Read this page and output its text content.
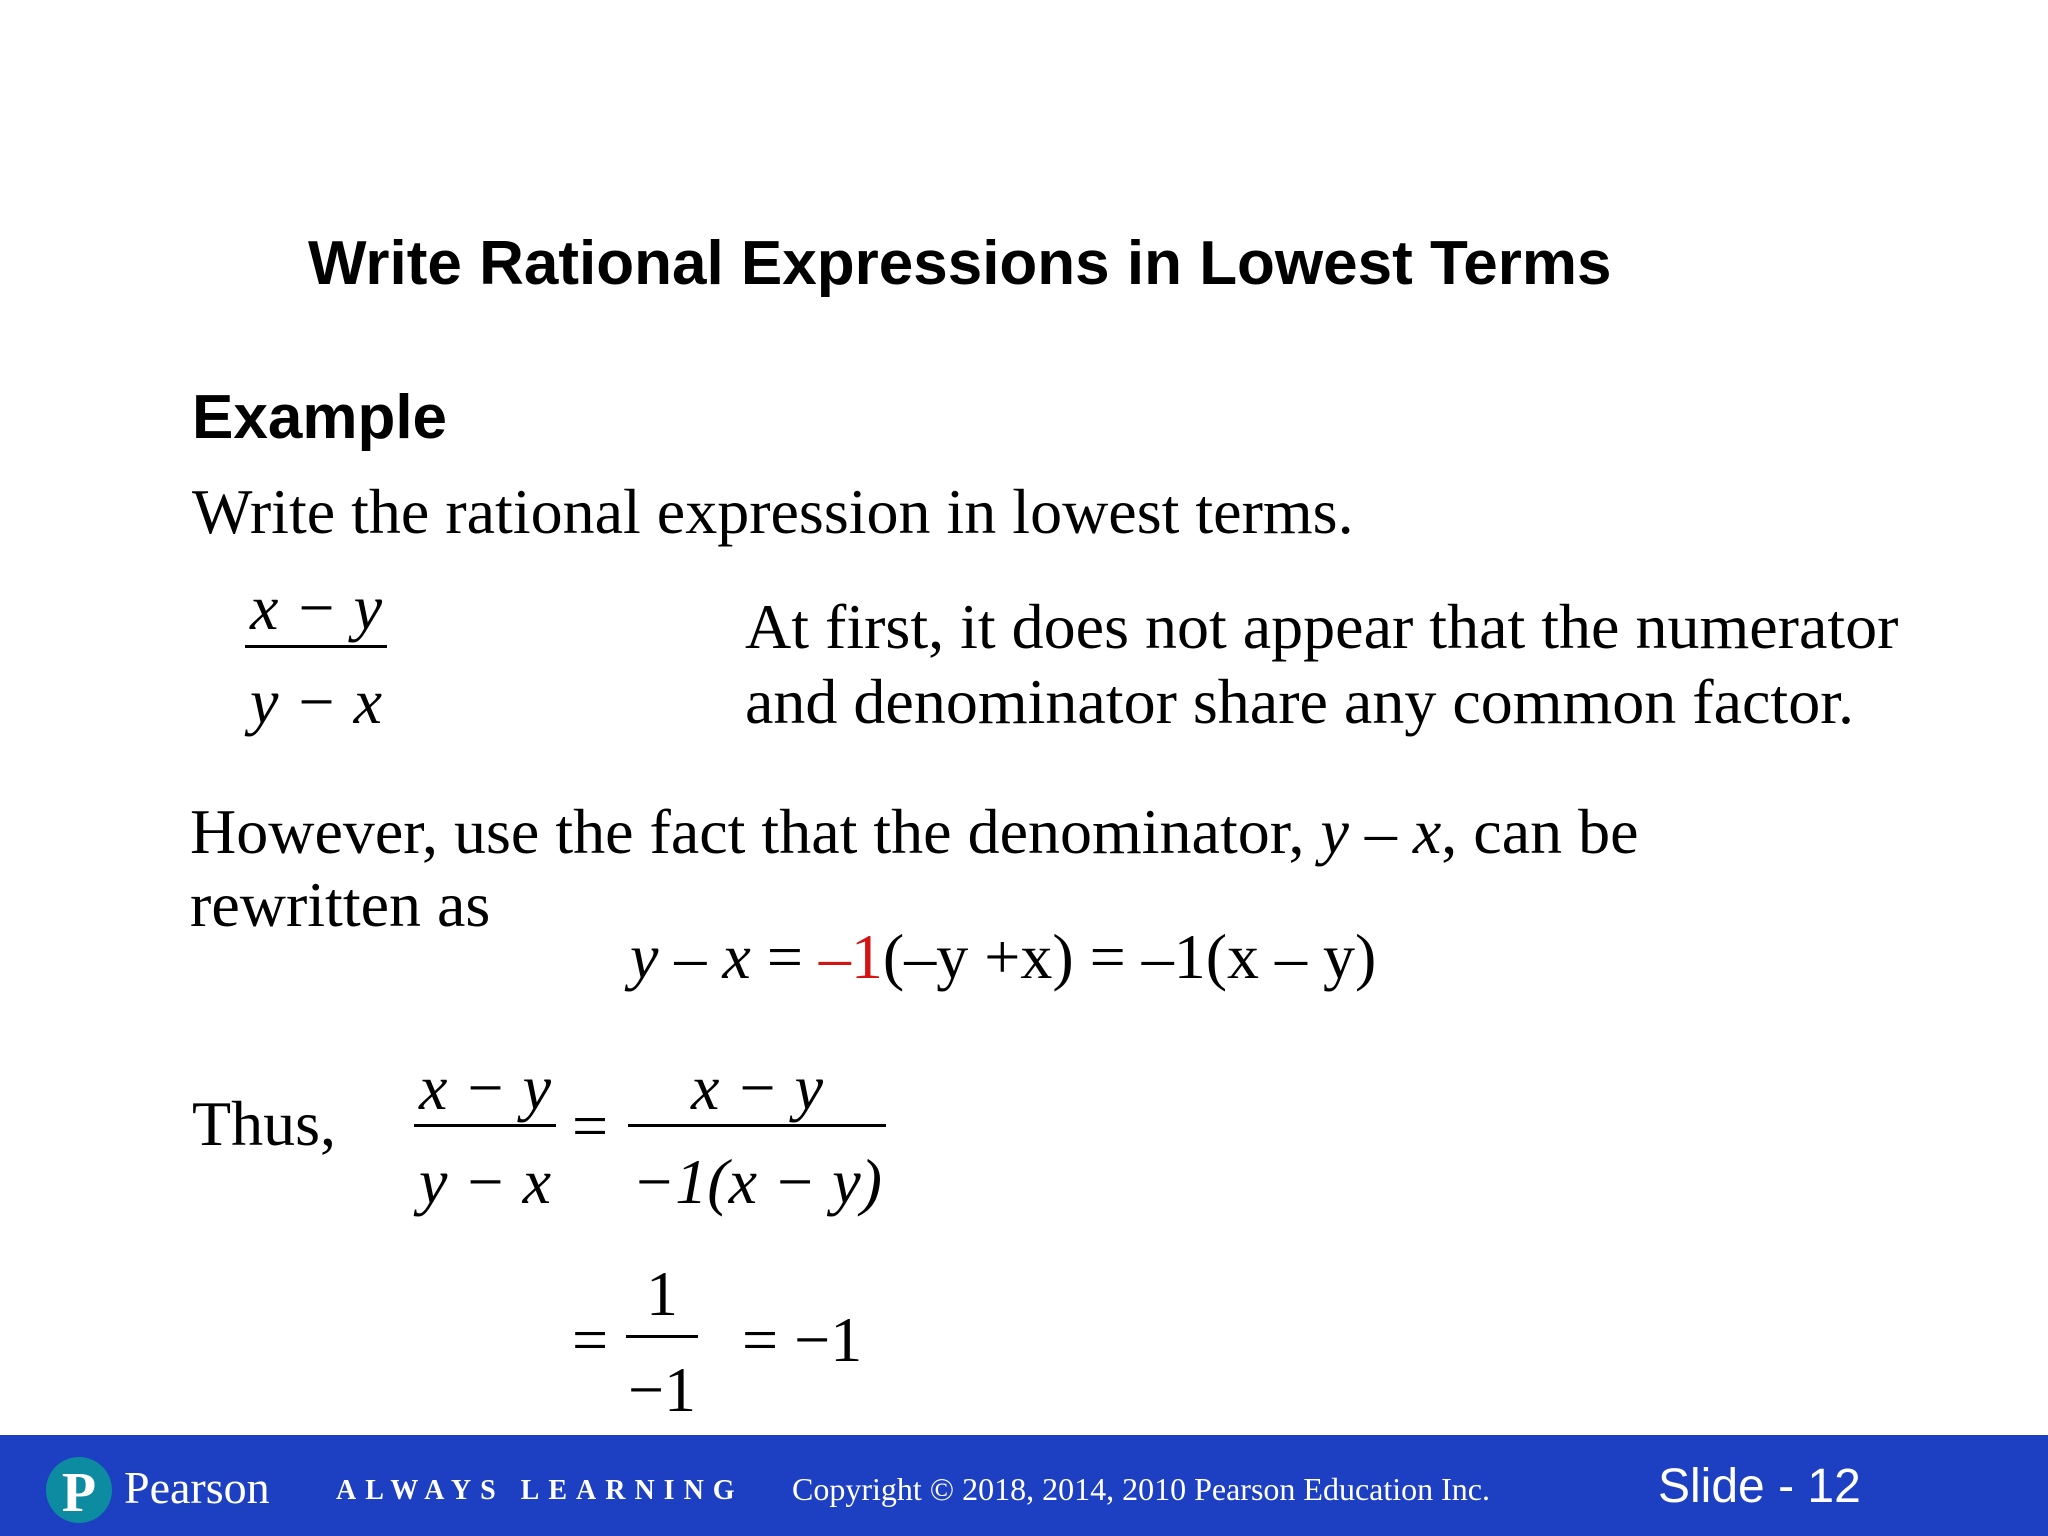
Write Rational Expressions in Lowest Terms
Example
Write the rational expression in lowest terms.
x − y
y − x
At first, it does not appear that the numerator
and denominator share any common factor.
However, use the fact that the denominator, y – x, can be
rewritten as
y – x = –1(–y +x) = –1(x – y)
Thus,
x − y
y − x
=
x − y
−1(x − y)
=
1
−1
= −1
P Pearson ALWAYS LEARNING Copyright © 2018, 2014, 2010 Pearson Education Inc.	Slide - 12
